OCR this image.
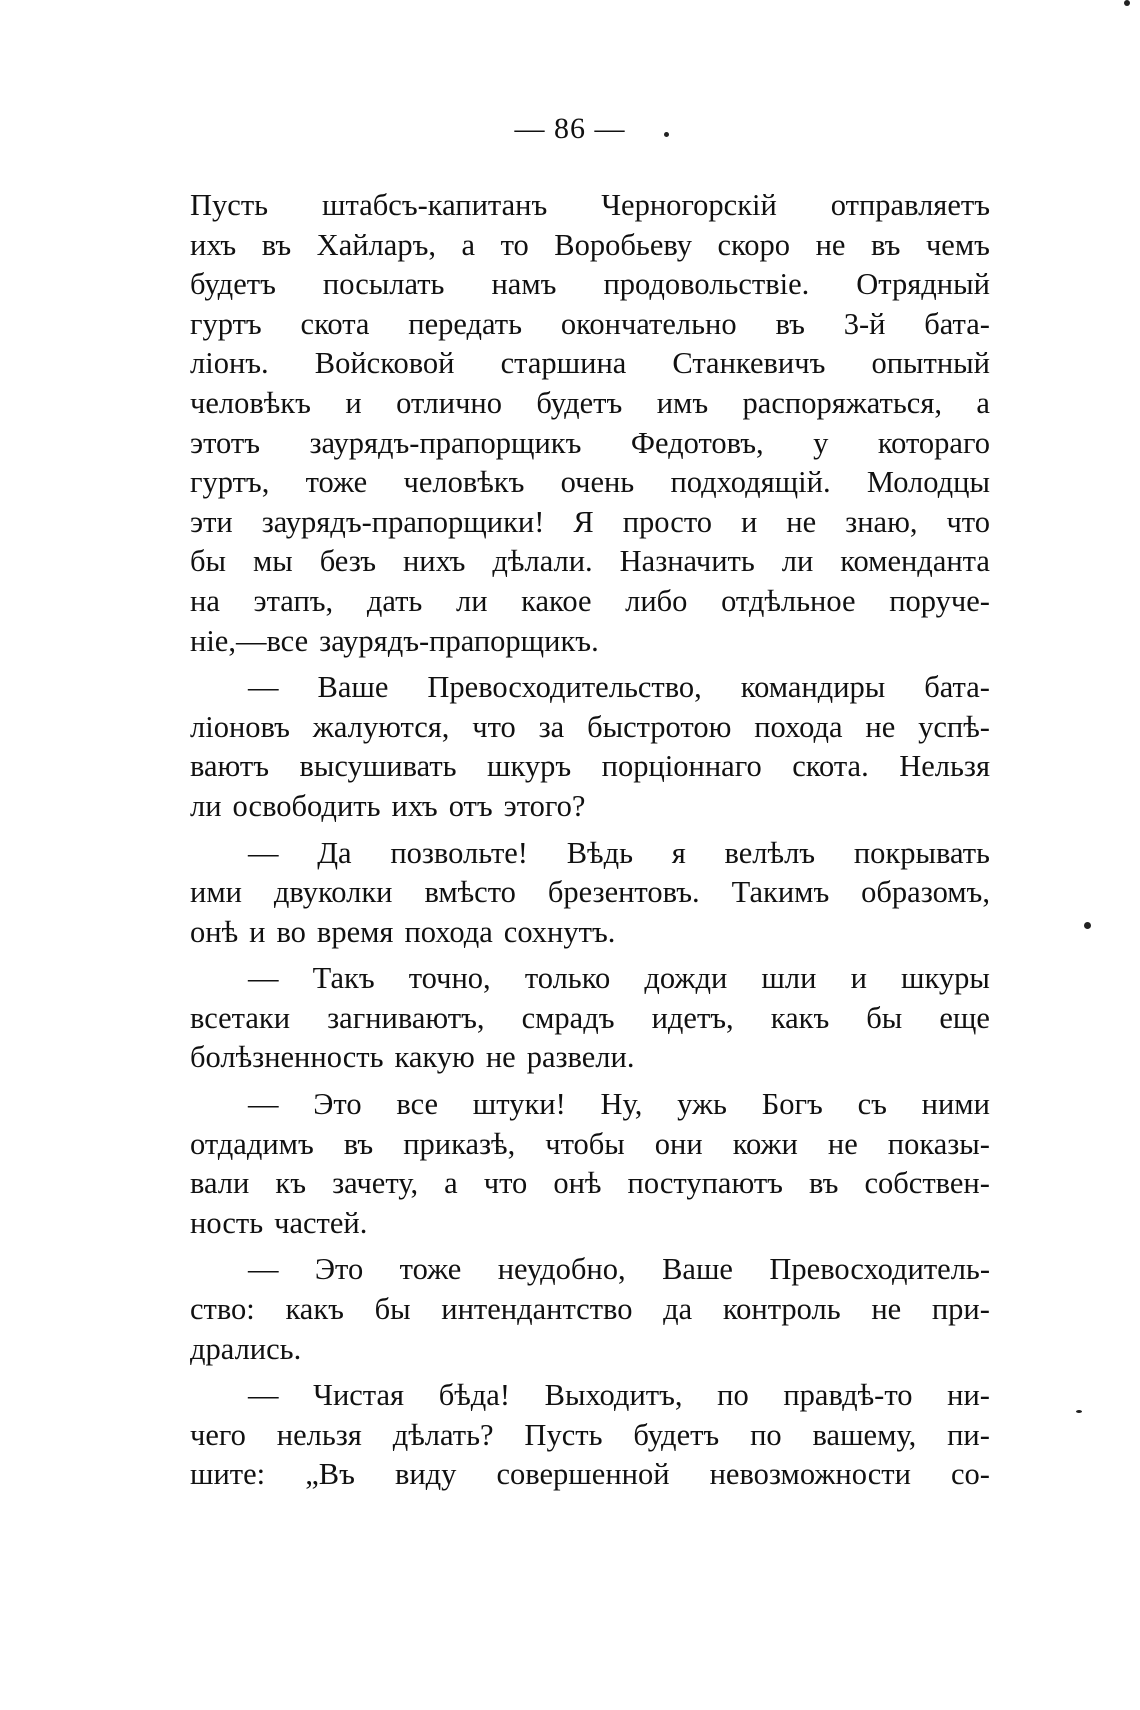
— 86 —
Пусть штабсъ-капитанъ Черногорскій отправляетъ
ихъ въ Хайларъ, а то Воробьеву скоро не въ чемъ
будетъ посылать намъ продовольствіе. Отрядный
гуртъ скота передать окончательно въ 3-й бата-
ліонъ. Войсковой старшина Станкевичъ опытный
человѣкъ и отлично будетъ имъ распоряжаться, а
этотъ заурядъ-прапорщикъ Федотовъ, у котораго
гуртъ, тоже человѣкъ очень подходящій. Молодцы
эти заурядъ-прапорщики! Я просто и не знаю, что
бы мы безъ нихъ дѣлали. Назначить ли коменданта
на этапъ, дать ли какое либо отдѣльное поруче-
ніе,—все заурядъ-прапорщикъ.
— Ваше Превосходительство, командиры бата-
ліоновъ жалуются, что за быстротою похода не успѣ-
ваютъ высушивать шкуръ порціоннаго скота. Нельзя
ли освободить ихъ отъ этого?
— Да позвольте! Вѣдь я велѣлъ покрывать
ими двуколки вмѣсто брезентовъ. Такимъ образомъ,
онѣ и во время похода сохнутъ.
— Такъ точно, только дожди шли и шкуры
всетаки загниваютъ, смрадъ идетъ, какъ бы еще
болѣзненность какую не развели.
— Это все штуки! Ну, ужь Богъ съ ними
отдадимъ въ приказѣ, чтобы они кожи не показы-
вали къ зачету, а что онѣ поступаютъ въ собствен-
ность частей.
— Это тоже неудобно, Ваше Превосходитель-
ство: какъ бы интендантство да контроль не при-
дрались.
— Чистая бѣда! Выходитъ, по правдѣ-то ни-
чего нельзя дѣлать? Пусть будетъ по вашему, пи-
шите: „Въ виду совершенной невозможности со-
